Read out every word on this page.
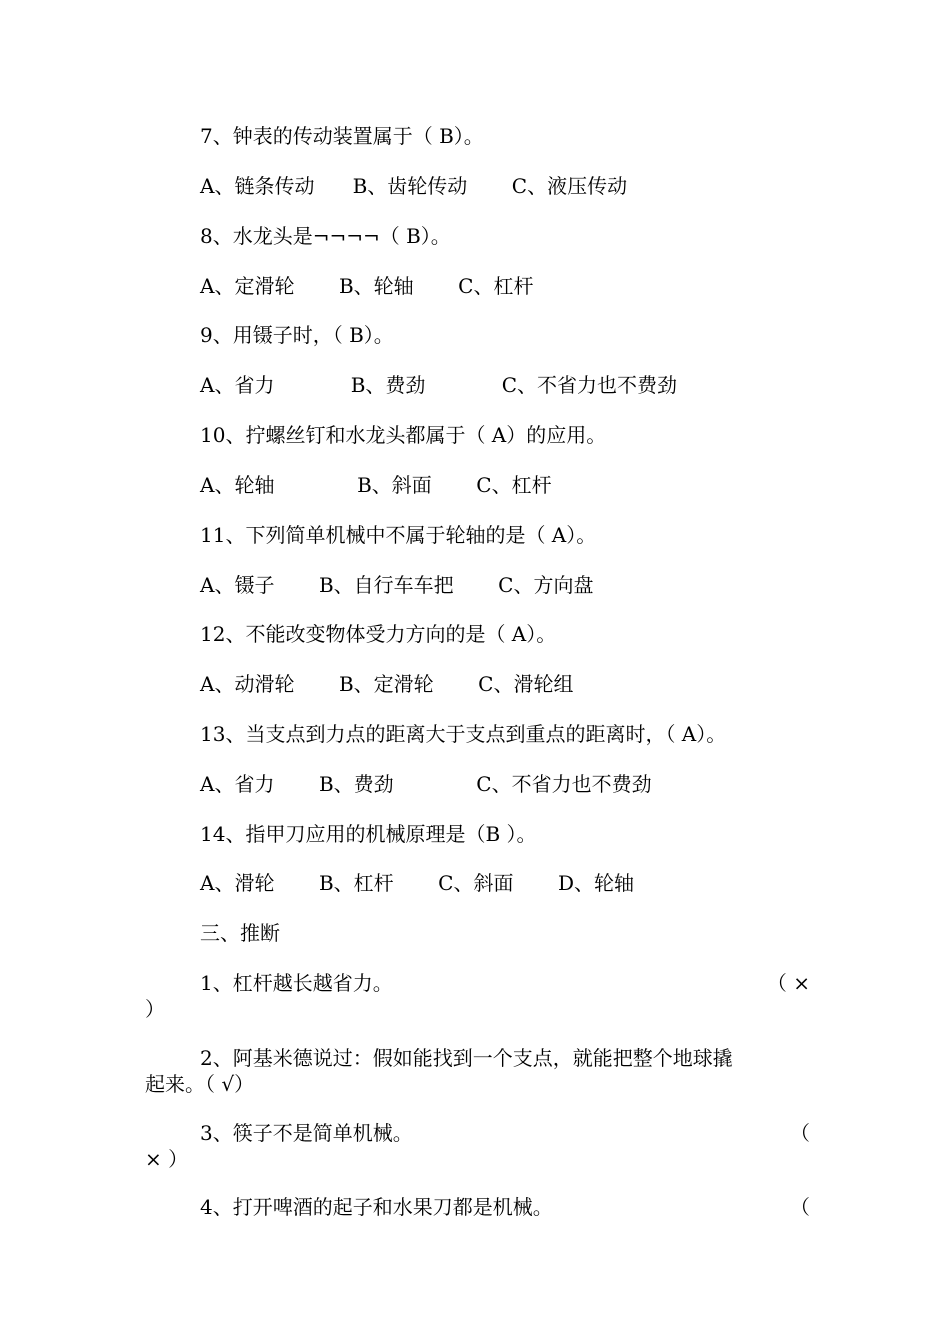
7、钟表的传动装置属于（ B）。
A、链条传动      B、齿轮传动       C、液压传动
8、水龙头是¬¬¬¬（ B）。
A、定滑轮       B、轮轴       C、杠杆
9、用镊子时，（ B）。
A、省力            B、费劲            C、不省力也不费劲
10、拧螺丝钉和水龙头都属于（ A）的应用。
A、轮轴             B、斜面       C、杠杆
11、下列简单机械中不属于轮轴的是（ A）。
A、镊子       B、自行车车把       C、方向盘
12、不能改变物体受力方向的是（ A）。
A、动滑轮       B、定滑轮       C、滑轮组
13、当支点到力点的距离大于支点到重点的距离时，（ A）。
A、省力       B、费劲             C、不省力也不费劲
14、指甲刀应用的机械原理是（B ）。
A、滑轮       B、杠杆       C、斜面       D、轮轴
三、推断

1、杠杆越长越省力。

	（ ×

）

2、阿基米德说过：假如能找到一个支点，就能把整个地球撬

起来。（ √）

3、筷子不是简单机械。

	（

× ）

4、打开啤酒的起子和水果刀都是机械。

	（
